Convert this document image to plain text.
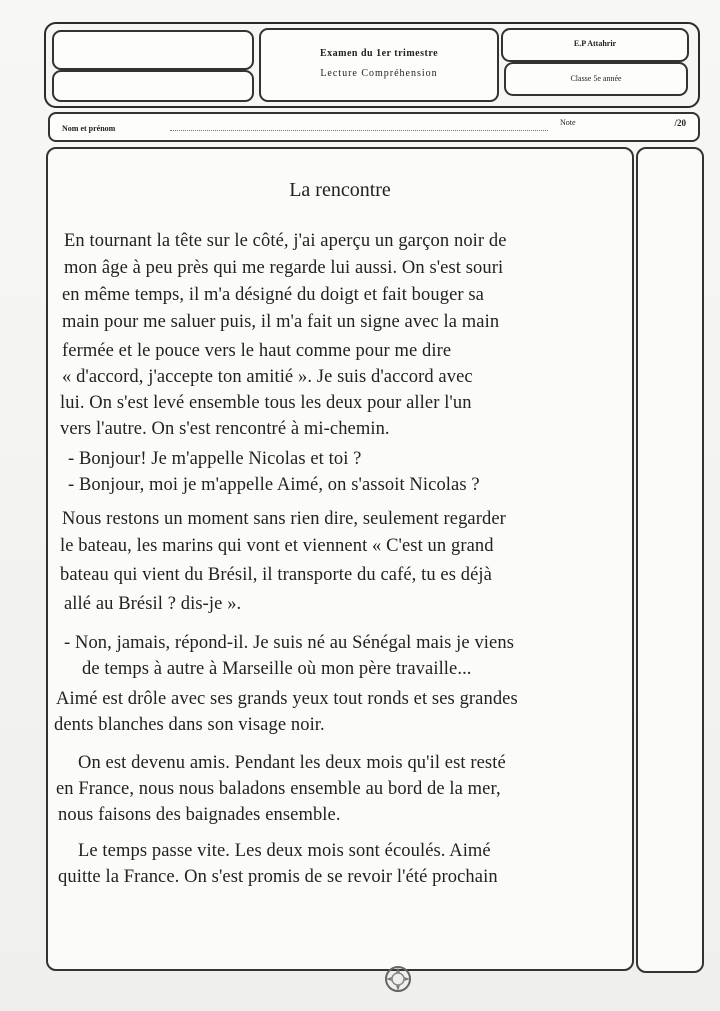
Examen du 1er trimestre
Lecture Compréhension
E.P Attahrir
Classe 5e année
Nom et prénom
Note	/20
La rencontre
En tournant la tête sur le côté, j'ai aperçu un garçon noir de
mon âge à peu près qui me regarde lui aussi. On s'est souri
en même temps, il m'a désigné du doigt et fait bouger sa
main pour me saluer puis, il m'a fait un signe avec la main
fermée et le pouce vers le haut comme pour me dire
« d'accord, j'accepte ton amitié ». Je suis d'accord avec
lui. On s'est levé ensemble tous les deux pour aller l'un
vers l'autre. On s'est rencontré à mi-chemin.
- Bonjour! Je m'appelle Nicolas et toi ?
- Bonjour, moi je m'appelle Aimé, on s'assoit Nicolas ?
Nous restons un moment sans rien dire, seulement regarder
le bateau, les marins qui vont et viennent « C'est un grand
bateau qui vient du Brésil, il transporte du café, tu es déjà
allé au Brésil ? dis-je ».
- Non, jamais, répond-il. Je suis né au Sénégal mais je viens
de temps à autre à Marseille où mon père travaille...
Aimé est drôle avec ses grands yeux tout ronds et ses grandes
dents blanches dans son visage noir.
On est devenu amis. Pendant les deux mois qu'il est resté
en France, nous nous baladons ensemble au bord de la mer,
nous faisons des baignades ensemble.
Le temps passe vite. Les deux mois sont écoulés. Aimé
quitte la France. On s'est promis de se revoir l'été prochain
